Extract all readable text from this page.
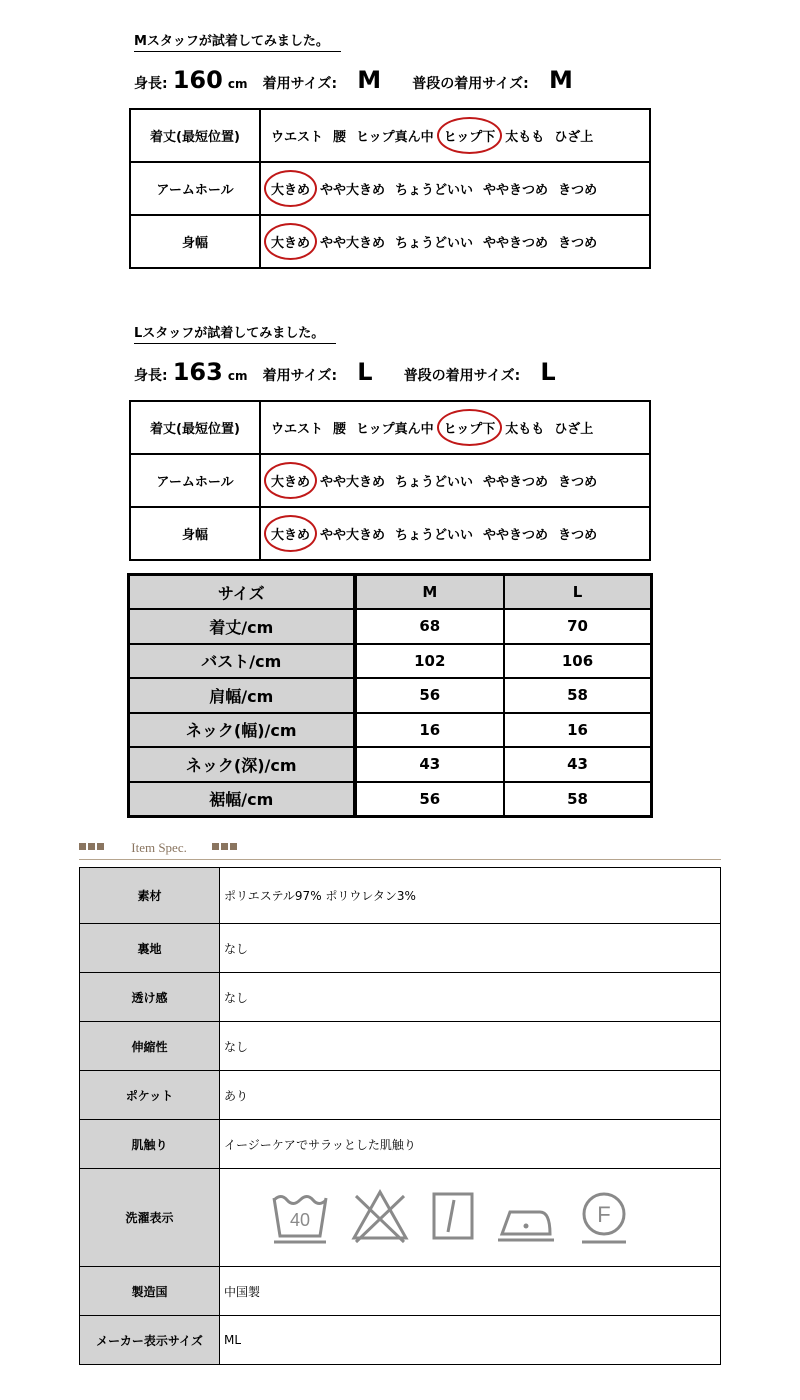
Mスタッフが試着してみました。
身長: 160 cm 着用サイズ: M 普段の着用サイズ: M
着丈(最短位置)	ウエスト 腰 ヒップ真ん中 ヒップ下 太もも ひざ上
アームホール	大きめ やや大きめ ちょうどいい ややきつめ きつめ
身幅	大きめ やや大きめ ちょうどいい ややきつめ きつめ
Lスタッフが試着してみました。
身長: 163 cm 着用サイズ: L 普段の着用サイズ: L
着丈(最短位置)	ウエスト 腰 ヒップ真ん中 ヒップ下 太もも ひざ上
アームホール	大きめ やや大きめ ちょうどいい ややきつめ きつめ
身幅	大きめ やや大きめ ちょうどいい ややきつめ きつめ
サイズ	M	L
着丈/cm	68	70
バスト/cm	102	106
肩幅/cm	56	58
ネック(幅)/cm	16	16
ネック(深)/cm	43	43
裾幅/cm	56	58
Item Spec.
素材	ポリエステル97% ポリウレタン3%
裏地	なし
透け感	なし
伸縮性	なし
ポケット	あり
肌触り	イージーケアでサラッとした肌触り
洗濯表示	40 F

製造国	中国製
メーカー表示サイズ	ML
